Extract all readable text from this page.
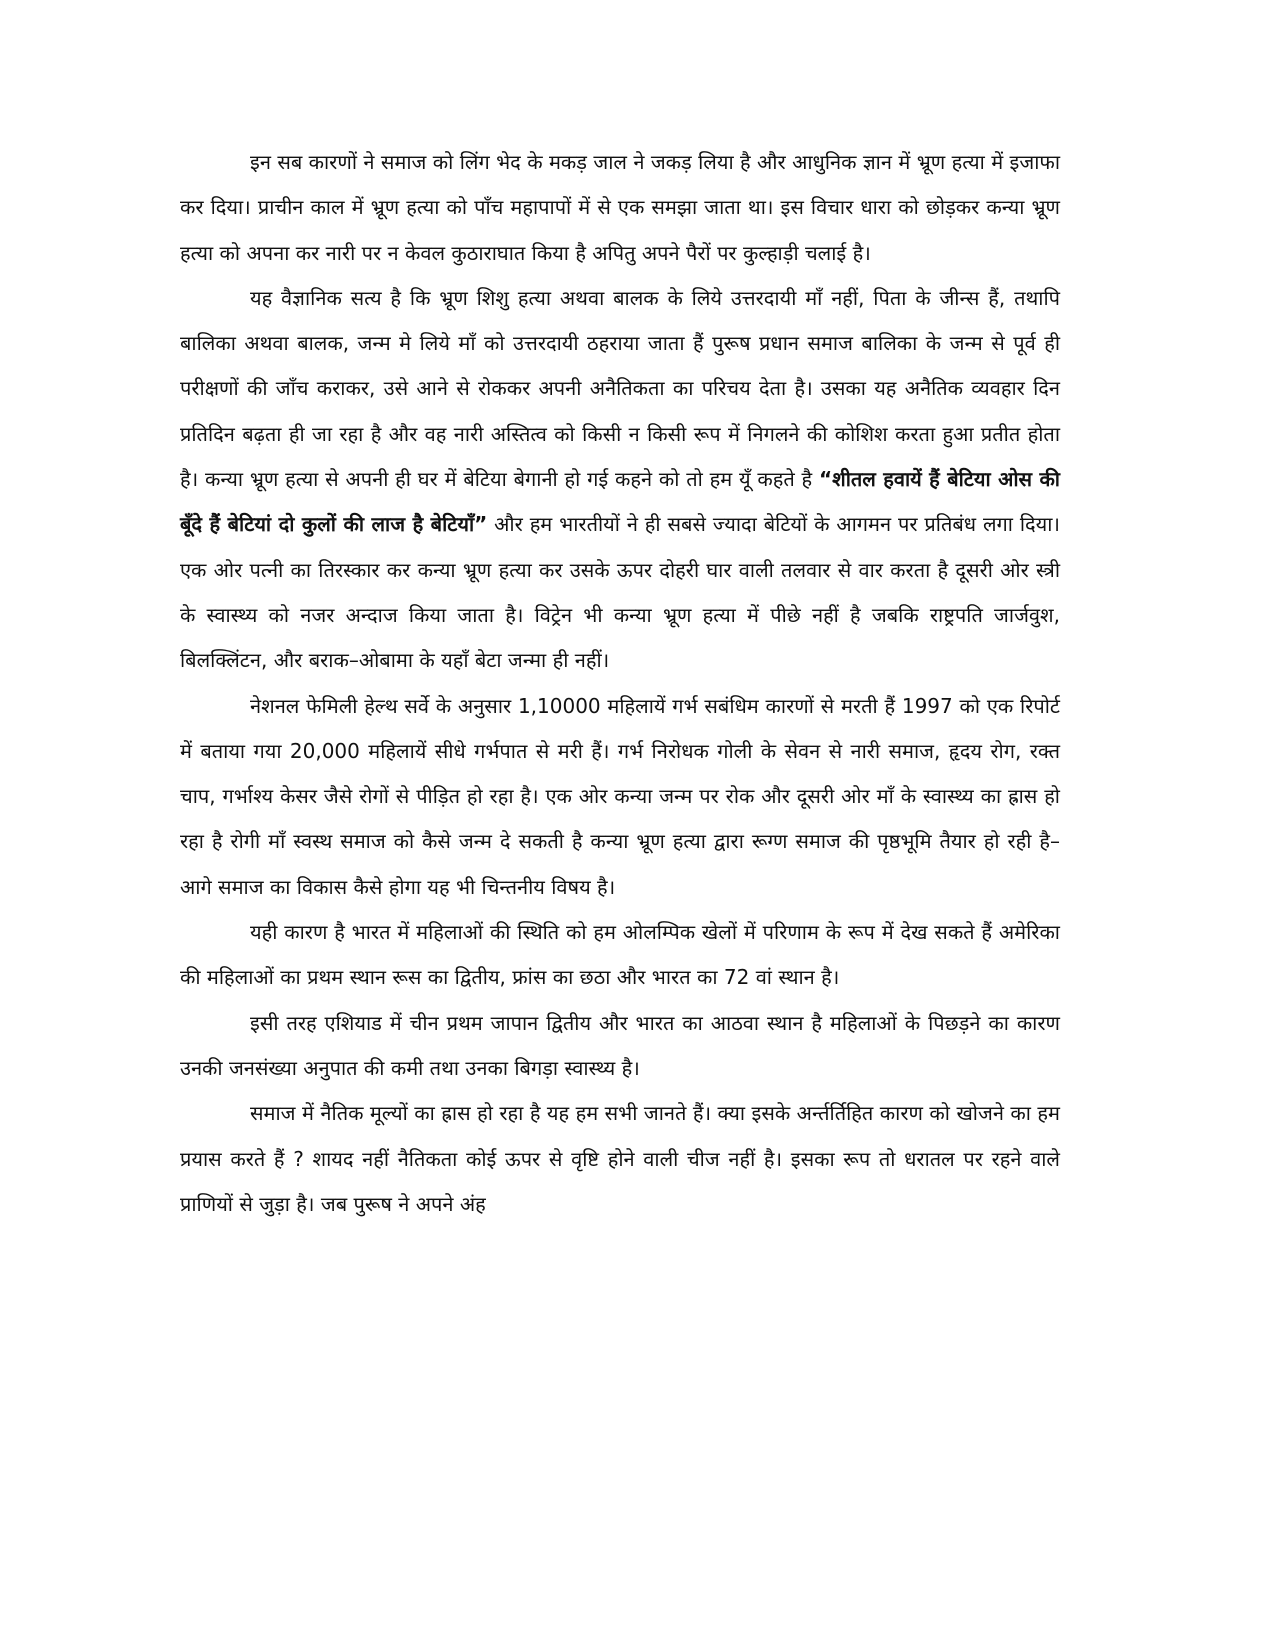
इन सब कारणों ने समाज को लिंग भेद के मकड़ जाल ने जकड़ लिया है और आधुनिक ज्ञान में भ्रूण हत्या में इजाफा कर दिया। प्राचीन काल में भ्रूण हत्या को पाँच महापापों में से एक समझा जाता था। इस विचार धारा को छोड़कर कन्या भ्रूण हत्या को अपना कर नारी पर न केवल कुठाराघात किया है अपितु अपने पैरों पर कुल्हाड़ी चलाई है।

यह वैज्ञानिक सत्य है कि भ्रूण शिशु हत्या अथवा बालक के लिये उत्तरदायी माँ नहीं, पिता के जीन्स हैं, तथापि बालिका अथवा बालक, जन्म मे लिये माँ को उत्तरदायी ठहराया जाता हैं पुरूष प्रधान समाज बालिका के जन्म से पूर्व ही परीक्षणों की जाँच कराकर, उसे आने से रोककर अपनी अनैतिकता का परिचय देता है। उसका यह अनैतिक व्यवहार दिन प्रतिदिन बढ़ता ही जा रहा है और वह नारी अस्तित्व को किसी न किसी रूप में निगलने की कोशिश करता हुआ प्रतीत होता है। कन्या भ्रूण हत्या से अपनी ही घर में बेटिया बेगानी हो गई कहने को तो हम यूँ कहते है “शीतल हवायें हैं बेटिया ओस की बूँदे हैं बेटियां दो कुलों की लाज है बेटियाँ” और हम भारतीयों ने ही सबसे ज्यादा बेटियों के आगमन पर प्रतिबंध लगा दिया। एक ओर पत्नी का तिरस्कार कर कन्या भ्रूण हत्या कर उसके ऊपर दोहरी घार वाली तलवार से वार करता है दूसरी ओर स्त्री के स्वास्थ्य को नजर अन्दाज किया जाता है। विट्रेन भी कन्या भ्रूण हत्या में पीछे नहीं है जबकि राष्ट्रपति जार्जवुश, बिलक्लिंटन, और बराक–ओबामा के यहाँ बेटा जन्मा ही नहीं।

नेशनल फेमिली हेल्थ सर्वे के अनुसार 1,10000 महिलायें गर्भ सबंधिम कारणों से मरती हैं 1997 को एक रिपोर्ट में बताया गया 20,000 महिलायें सीधे गर्भपात से मरी हैं। गर्भ निरोधक गोली के सेवन से नारी समाज, हृदय रोग, रक्त चाप, गर्भाश्य केसर जैसे रोगों से पीड़ित हो रहा है। एक ओर कन्या जन्म पर रोक और दूसरी ओर माँ के स्वास्थ्य का ह्रास हो रहा है रोगी माँ स्वस्थ समाज को कैसे जन्म दे सकती है कन्या भ्रूण हत्या द्वारा रूग्ण समाज की पृष्ठभूमि तैयार हो रही है– आगे समाज का विकास कैसे होगा यह भी चिन्तनीय विषय है।

यही कारण है भारत में महिलाओं की स्थिति को हम ओलम्पिक खेलों में परिणाम के रूप में देख सकते हैं अमेरिका की महिलाओं का प्रथम स्थान रूस का द्वितीय, फ्रांस का छठा और भारत का 72 वां स्थान है।

इसी तरह एशियाड में चीन प्रथम जापान द्वितीय और भारत का आठवा स्थान है महिलाओं के पिछड़ने का कारण उनकी जनसंख्या अनुपात की कमी तथा उनका बिगड़ा स्वास्थ्य है।

समाज में नैतिक मूल्यों का ह्रास हो रहा है यह हम सभी जानते हैं। क्या इसके अर्न्तर्तिहित कारण को खोजने का हम प्रयास करते हैं ? शायद नहीं नैतिकता कोई ऊपर से वृष्टि होने वाली चीज नहीं है। इसका रूप तो धरातल पर रहने वाले प्राणियों से जुड़ा है। जब पुरूष ने अपने अंह
